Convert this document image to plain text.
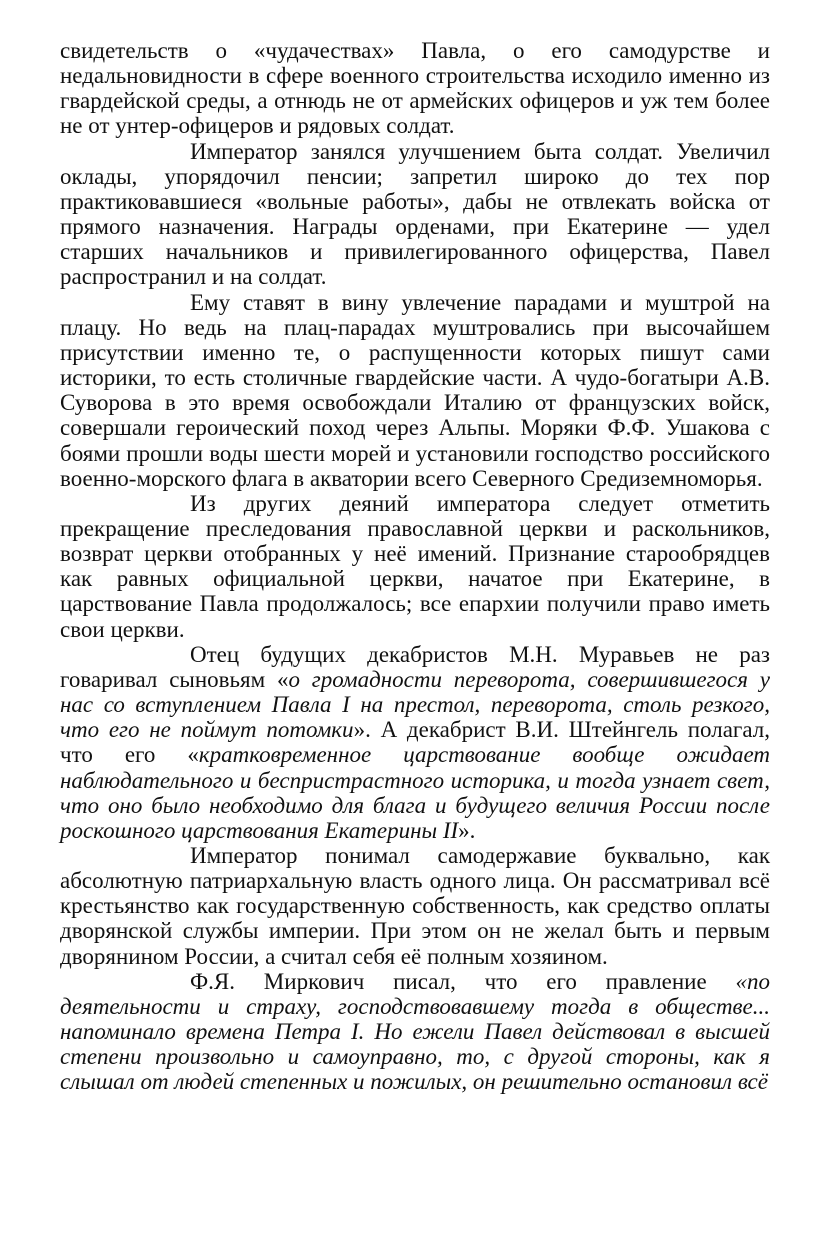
свидетельств о «чудачествах» Павла, о его самодурстве и недальновидности в сфере военного строительства исходило именно из гвардейской среды, а отнюдь не от армейских офицеров и уж тем более не от унтер-офицеров и рядовых солдат.

Император занялся улучшением быта солдат. Увеличил оклады, упорядочил пенсии; запретил широко до тех пор практиковавшиеся «вольные работы», дабы не отвлекать войска от прямого назначения. Награды орденами, при Екатерине — удел старших начальников и привилегированного офицерства, Павел распространил и на солдат.

Ему ставят в вину увлечение парадами и муштрой на плацу. Но ведь на плац-парадах муштровались при высочайшем присутствии именно те, о распущенности которых пишут сами историки, то есть столичные гвардейские части. А чудо-богатыри А.В. Суворова в это время освобождали Италию от французских войск, совершали героический поход через Альпы. Моряки Ф.Ф. Ушакова с боями прошли воды шести морей и установили господство российского военно-морского флага в акватории всего Северного Средиземноморья.

Из других деяний императора следует отметить прекращение преследования православной церкви и раскольников, возврат церкви отобранных у неё имений. Признание старообрядцев как равных официальной церкви, начатое при Екатерине, в царствование Павла продолжалось; все епархии получили право иметь свои церкви.

Отец будущих декабристов М.Н. Муравьев не раз говаривал сыновьям «о громадности переворота, совершившегося у нас со вступлением Павла I на престол, переворота, столь резкого, что его не поймут потомки». А декабрист В.И. Штейнгель полагал, что его «кратковременное царствование вообще ожидает наблюдательного и беспристрастного историка, и тогда узнает свет, что оно было необходимо для блага и будущего величия России после роскошного царствования Екатерины II».

Император понимал самодержавие буквально, как абсолютную патриархальную власть одного лица. Он рассматривал всё крестьянство как государственную собственность, как средство оплаты дворянской службы империи. При этом он не желал быть и первым дворянином России, а считал себя её полным хозяином.

Ф.Я. Миркович писал, что его правление «по деятельности и страху, господствовавшему тогда в обществе... напоминало времена Петра I. Но ежели Павел действовал в высшей степени произвольно и самоуправно, то, с другой стороны, как я слышал от людей степенных и пожилых, он решительно остановил всё
